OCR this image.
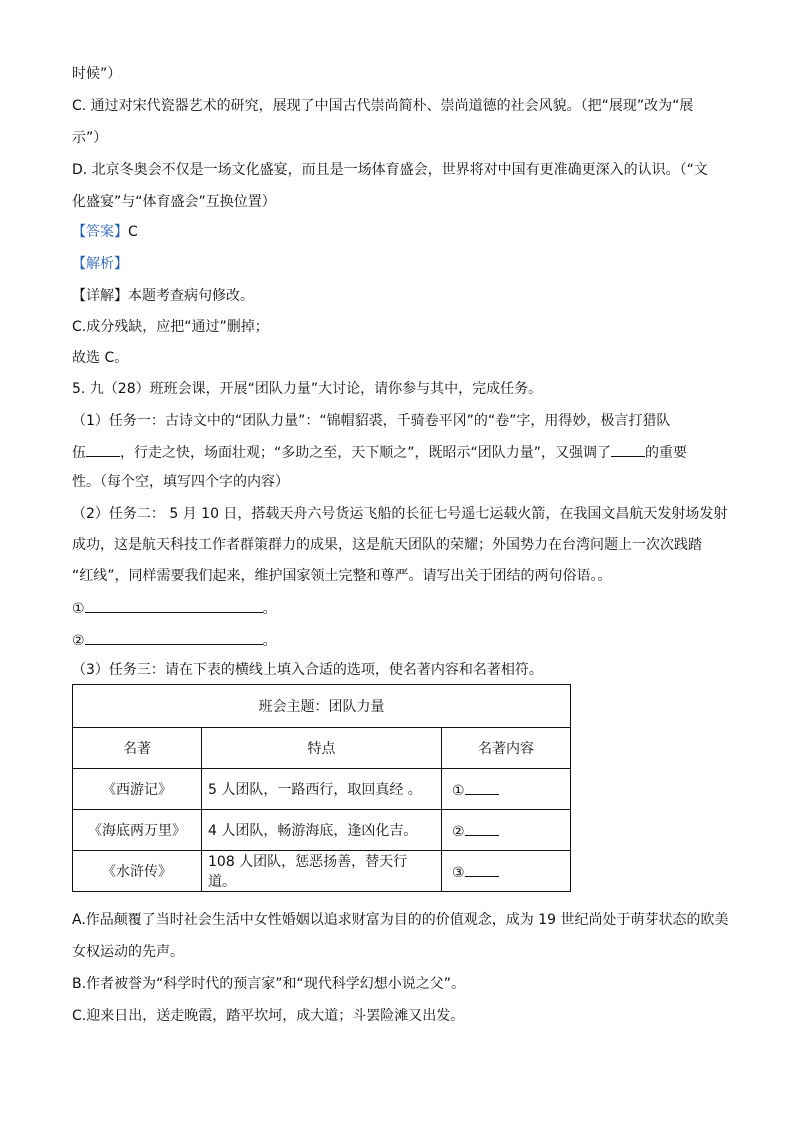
时候”）
C. 通过对宋代瓷器艺术的研究，展现了中国古代崇尚简朴、崇尚道德的社会风貌。（把“展现”改为“展
示”）
D. 北京冬奥会不仅是一场文化盛宴，而且是一场体育盛会，世界将对中国有更准确更深入的认识。（“文
化盛宴”与“体育盛会”互换位置）
【答案】C
【解析】
【详解】本题考查病句修改。
C.成分残缺，应把“通过”删掉；
故选 C。
5. 九（28）班班会课，开展“团队力量”大讨论，请你参与其中，完成任务。
（1）任务一：古诗文中的“团队力量”：“锦帽貂裘，千骑卷平冈”的“卷”字，用得妙，极言打猎队
伍 ，行走之快，场面壮观；“多助之至，天下顺之”，既昭示“团队力量”，又强调了 的重要
性。（每个空，填写四个字的内容）
（2）任务二： 5 月 10 日，搭载天舟六号货运飞船的长征七号遥七运载火箭，在我国文昌航天发射场发射
成功，这是航天科技工作者群策群力的成果，这是航天团队的荣耀；外国势力在台湾问题上一次次践踏
“红线”，同样需要我们起来，维护国家领土完整和尊严。请写出关于团结的两句俗语。。
①	。
②	。
（3）任务三：请在下表的横线上填入合适的选项，使名著内容和名著相符。
班会主题：团队力量		
名著	特点	名著内容
《西游记》	5 人团队，一路西行，取回真经 。	①
《海底两万里》	4 人团队，畅游海底，逢凶化吉。	②
《水浒传》	108 人团队，惩恶扬善，替天行道。	③
A.作品颠覆了当时社会生活中女性婚姻以追求财富为目的的价值观念，成为 19 世纪尚处于萌芽状态的欧美
女权运动的先声。
B.作者被誉为“科学时代的预言家”和“现代科学幻想小说之父”。
C.迎来日出，送走晚霞，踏平坎坷，成大道；斗罢险滩又出发。
